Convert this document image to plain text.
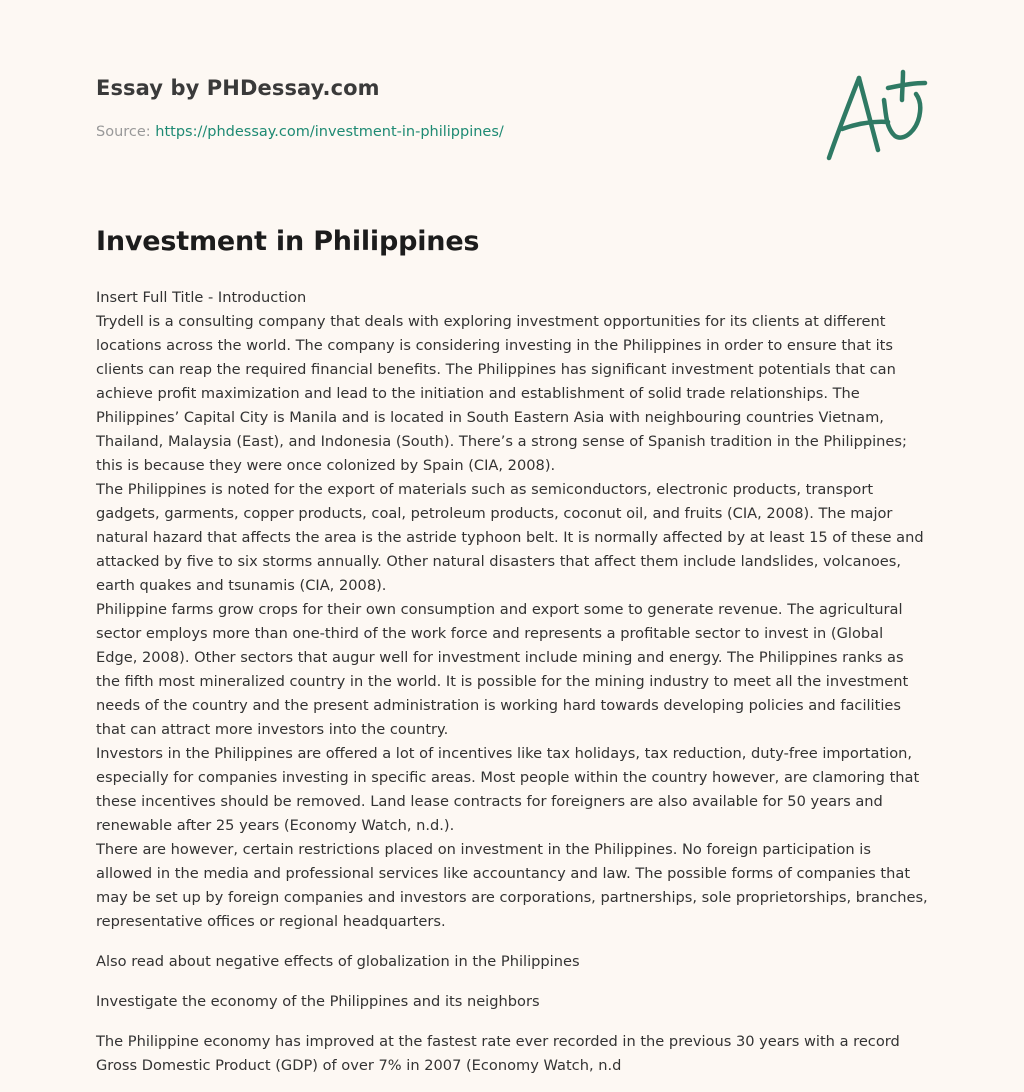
Essay by PHDessay.com

Source: https://phdessay.com/investment-in-philippines/

Investment in Philippines

Insert Full Title - Introduction

Trydell is a consulting company that deals with exploring investment opportunities for its clients at different locations across the world. The company is considering investing in the Philippines in order to ensure that its clients can reap the required financial benefits. The Philippines has significant investment potentials that can achieve profit maximization and lead to the initiation and establishment of solid trade relationships. The Philippines’ Capital City is Manila and is located in South Eastern Asia with neighbouring countries Vietnam, Thailand, Malaysia (East), and Indonesia (South). There’s a strong sense of Spanish tradition in the Philippines; this is because they were once colonized by Spain (CIA, 2008).

The Philippines is noted for the export of materials such as semiconductors, electronic products, transport gadgets, garments, copper products, coal, petroleum products, coconut oil, and fruits (CIA, 2008). The major natural hazard that affects the area is the astride typhoon belt. It is normally affected by at least 15 of these and attacked by five to six storms annually. Other natural disasters that affect them include landslides, volcanoes, earth quakes and tsunamis (CIA, 2008).

Philippine farms grow crops for their own consumption and export some to generate revenue. The agricultural sector employs more than one-third of the work force and represents a profitable sector to invest in (Global Edge, 2008). Other sectors that augur well for investment include mining and energy. The Philippines ranks as the fifth most mineralized country in the world. It is possible for the mining industry to meet all the investment needs of the country and the present administration is working hard towards developing policies and facilities that can attract more investors into the country.

Investors in the Philippines are offered a lot of incentives like tax holidays, tax reduction, duty-free importation, especially for companies investing in specific areas. Most people within the country however, are clamoring that these incentives should be removed. Land lease contracts for foreigners are also available for 50 years and renewable after 25 years (Economy Watch, n.d.).

There are however, certain restrictions placed on investment in the Philippines. No foreign participation is allowed in the media and professional services like accountancy and law. The possible forms of companies that may be set up by foreign companies and investors are corporations, partnerships, sole proprietorships, branches, representative offices or regional headquarters.

Also read about negative effects of globalization in the Philippines

Investigate the economy of the Philippines and its neighbors

The Philippine economy has improved at the fastest rate ever recorded in the previous 30 years with a record Gross Domestic Product (GDP) of over 7% in 2007 (Economy Watch, n.d
